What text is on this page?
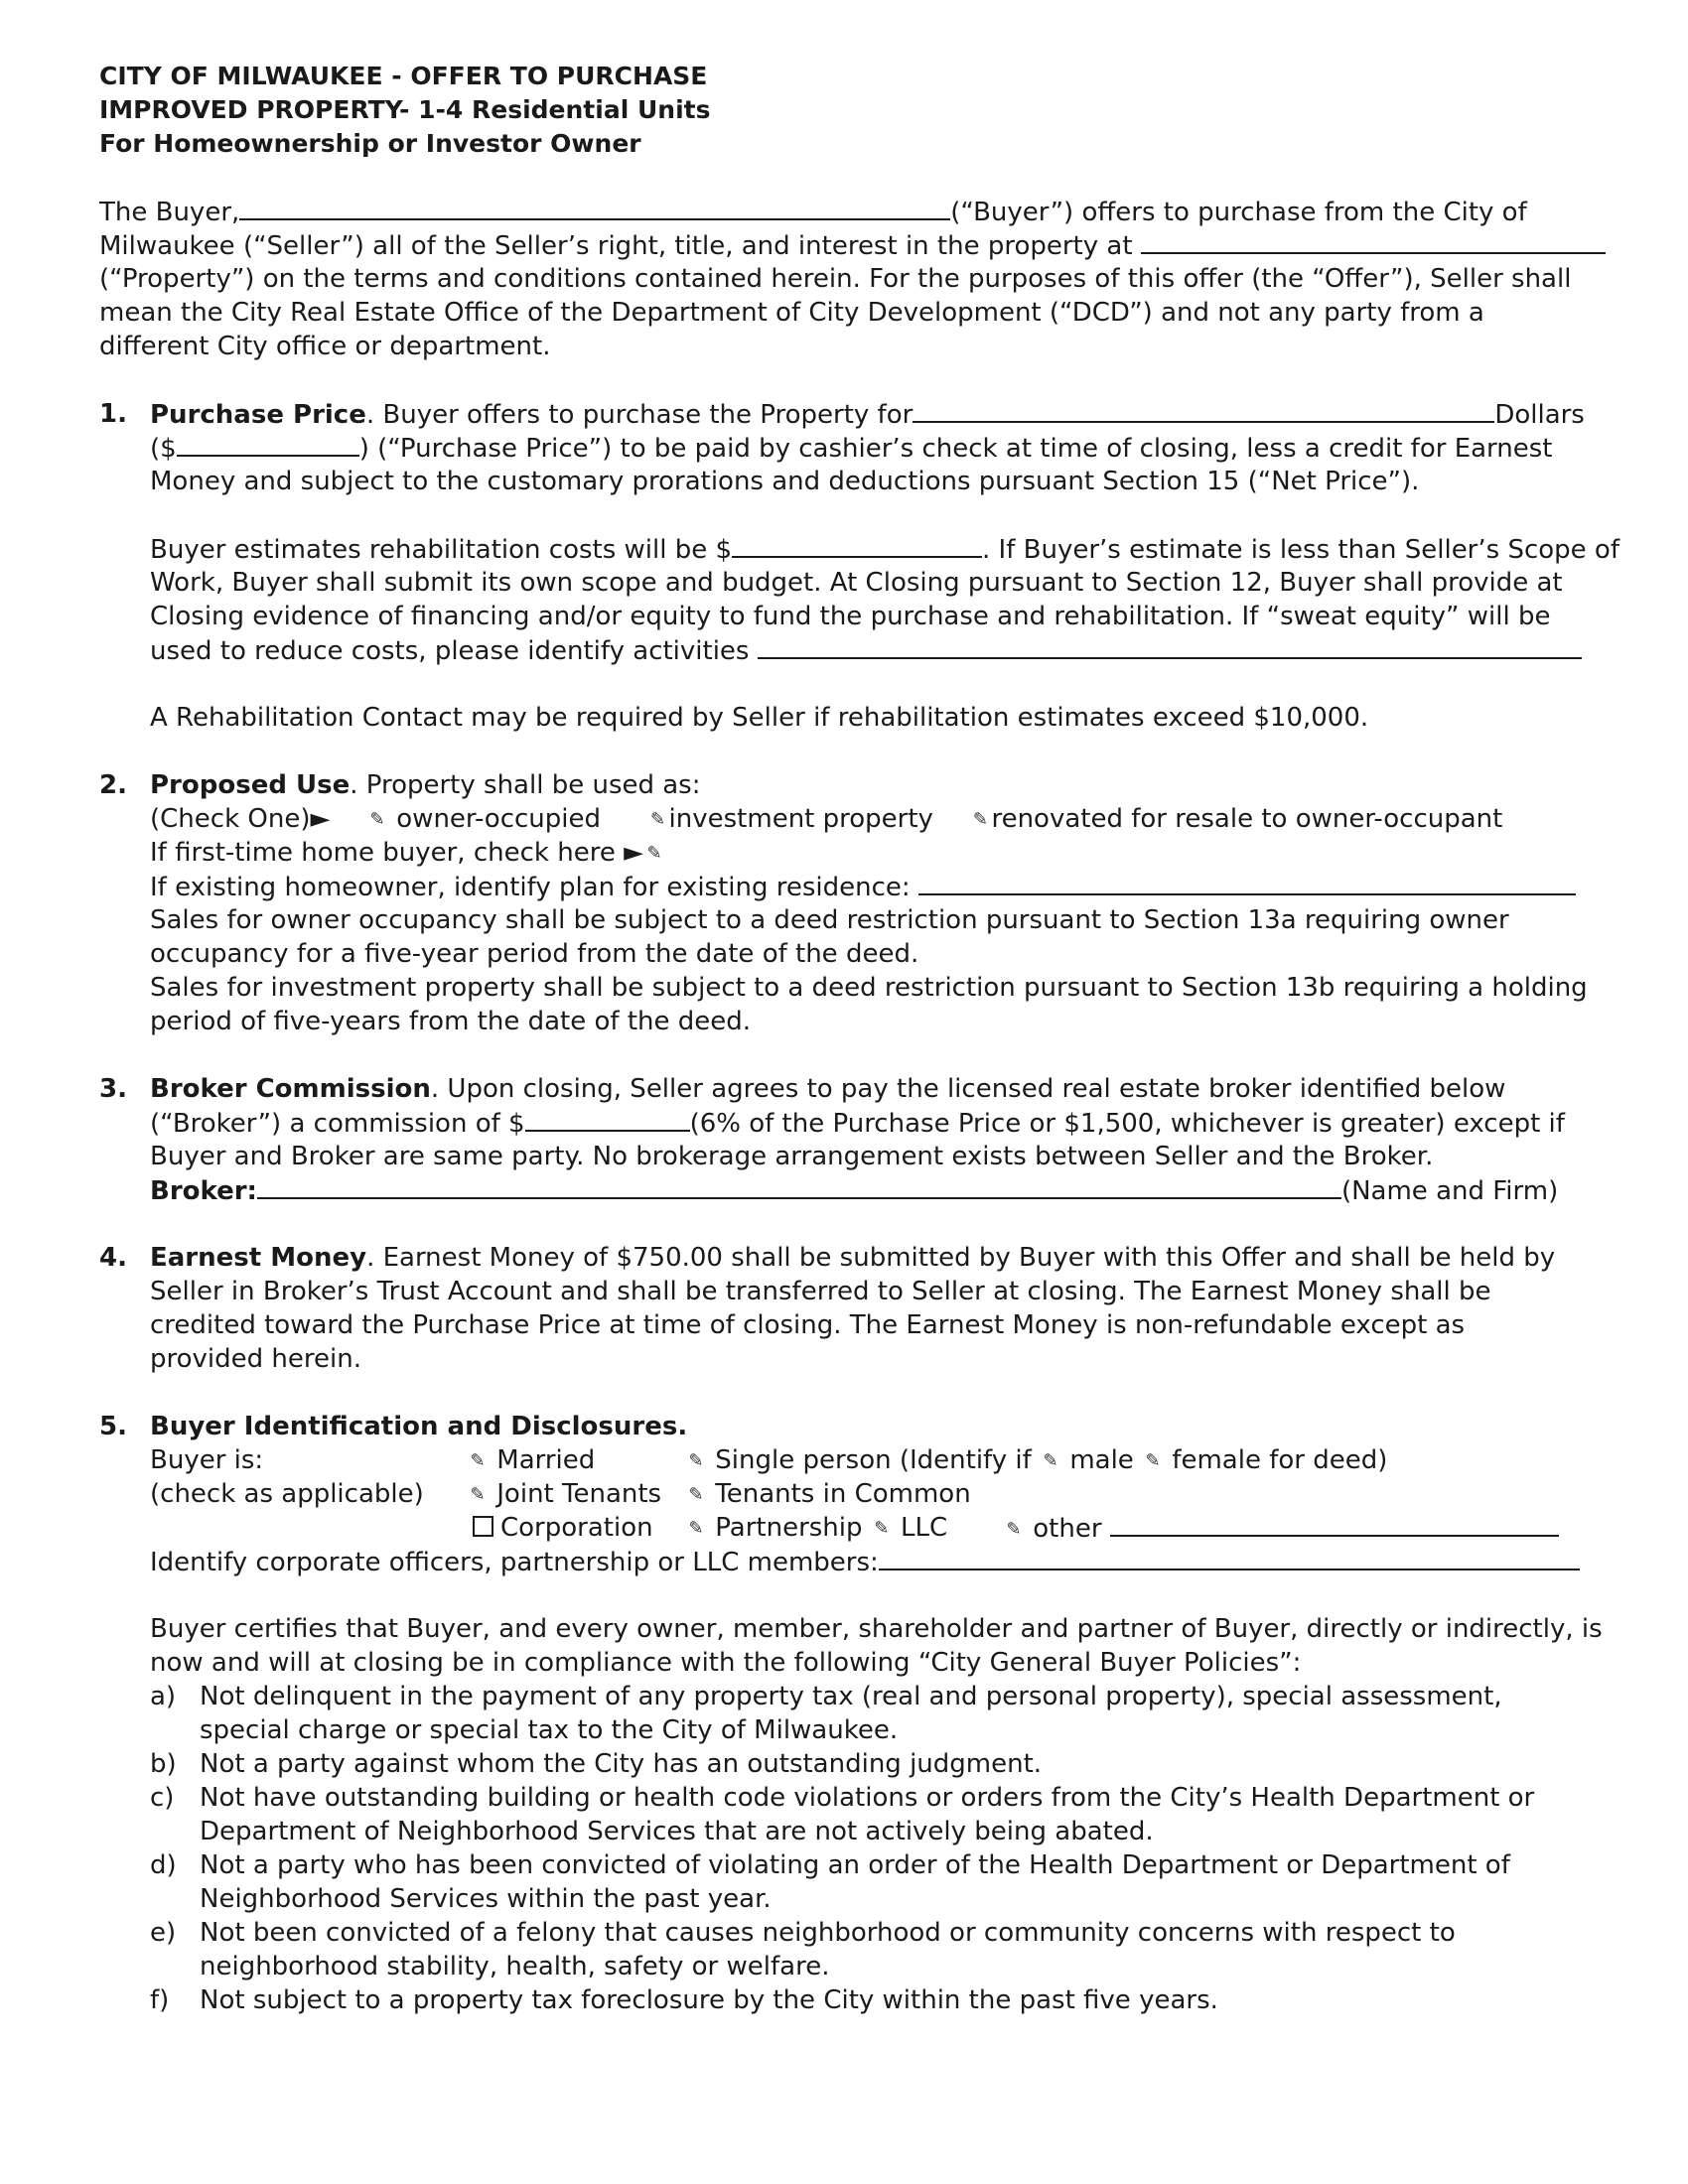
CITY OF MILWAUKEE - OFFER TO PURCHASE
IMPROVED PROPERTY- 1-4 Residential Units
For Homeownership or Investor Owner
The Buyer,	(“Buyer”) offers to purchase from the City of
Milwaukee (“Seller”) all of the Seller’s right, title, and interest in the property at
(“Property”) on the terms and conditions contained herein. For the purposes of this offer (the “Offer”), Seller shall
mean the City Real Estate Office of the Department of City Development (“DCD”) and not any party from a
different City office or department.
1. Purchase Price. Buyer offers to purchase the Property for	Dollars
($	) (“Purchase Price”) to be paid by cashier’s check at time of closing, less a credit for Earnest
Money and subject to the customary prorations and deductions pursuant Section 15 (“Net Price”).
Buyer estimates rehabilitation costs will be $	. If Buyer’s estimate is less than Seller’s Scope of
Work, Buyer shall submit its own scope and budget. At Closing pursuant to Section 12, Buyer shall provide at
Closing evidence of financing and/or equity to fund the purchase and rehabilitation. If “sweat equity” will be
used to reduce costs, please identify activities
A Rehabilitation Contact may be required by Seller if rehabilitation estimates exceed $10,000.
2. Proposed Use. Property shall be used as:
(Check One)► ✎ owner-occupied	✎ investment property ✎ renovated for resale to owner-occupant
If first-time home buyer, check here ► ✎
If existing homeowner, identify plan for existing residence:
Sales for owner occupancy shall be subject to a deed restriction pursuant to Section 13a requiring owner
occupancy for a five-year period from the date of the deed.
Sales for investment property shall be subject to a deed restriction pursuant to Section 13b requiring a holding
period of five-years from the date of the deed.
3. Broker Commission. Upon closing, Seller agrees to pay the licensed real estate broker identified below
(“Broker”) a commission of $	(6% of the Purchase Price or $1,500, whichever is greater) except if
Buyer and Broker are same party. No brokerage arrangement exists between Seller and the Broker.
Broker:	(Name and Firm)
4. Earnest Money. Earnest Money of $750.00 shall be submitted by Buyer with this Offer and shall be held by
Seller in Broker’s Trust Account and shall be transferred to Seller at closing. The Earnest Money shall be
credited toward the Purchase Price at time of closing. The Earnest Money is non-refundable except as
provided herein.
5. Buyer Identification and Disclosures.
Buyer is:	✎ Married	✎ Single person (Identify if ✎ male ✎ female for deed)
(check as applicable)	✎ Joint Tenants ✎ Tenants in Common
Corporation ✎ Partnership ✎ LLC	✎ other
Identify corporate officers, partnership or LLC members:
Buyer certifies that Buyer, and every owner, member, shareholder and partner of Buyer, directly or indirectly, is
now and will at closing be in compliance with the following “City General Buyer Policies”:
a) Not delinquent in the payment of any property tax (real and personal property), special assessment,
special charge or special tax to the City of Milwaukee.
b) Not a party against whom the City has an outstanding judgment.
c) Not have outstanding building or health code violations or orders from the City’s Health Department or
Department of Neighborhood Services that are not actively being abated.
d) Not a party who has been convicted of violating an order of the Health Department or Department of
Neighborhood Services within the past year.
e) Not been convicted of a felony that causes neighborhood or community concerns with respect to
neighborhood stability, health, safety or welfare.
f) Not subject to a property tax foreclosure by the City within the past five years.
